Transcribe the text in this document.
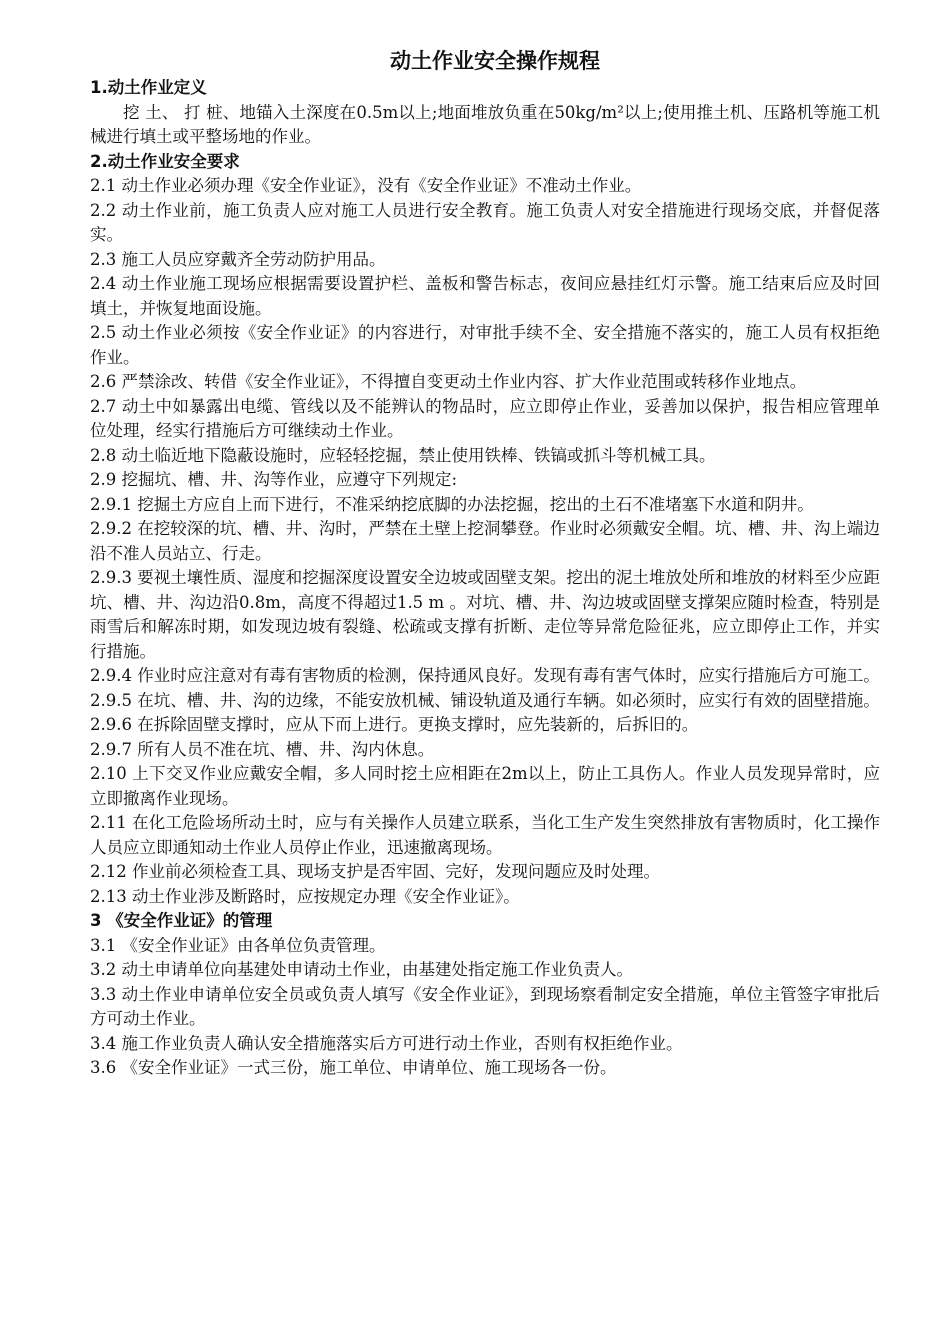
动土作业安全操作规程
1.动土作业定义

挖 土、 打 桩、地锚入土深度在0.5m以上;地面堆放负重在50kg/m²以上;使用推土机、压路机等施工机械进行填土或平整场地的作业。

2.动土作业安全要求

2.1 动土作业必须办理《安全作业证》，没有《安全作业证》不准动土作业。

2.2 动土作业前，施工负责人应对施工人员进行安全教育。施工负责人对安全措施进行现场交底，并督促落实。

2.3 施工人员应穿戴齐全劳动防护用品。

2.4 动土作业施工现场应根据需要设置护栏、盖板和警告标志，夜间应悬挂红灯示警。施工结束后应及时回填土，并恢复地面设施。

2.5 动土作业必须按《安全作业证》的内容进行，对审批手续不全、安全措施不落实的，施工人员有权拒绝作业。

2.6 严禁涂改、转借《安全作业证》，不得擅自变更动土作业内容、扩大作业范围或转移作业地点。

2.7 动土中如暴露出电缆、管线以及不能辨认的物品时，应立即停止作业，妥善加以保护，报告相应管理单位处理，经实行措施后方可继续动土作业。

2.8 动土临近地下隐蔽设施时，应轻轻挖掘，禁止使用铁棒、铁镐或抓斗等机械工具。

2.9 挖掘坑、槽、井、沟等作业，应遵守下列规定:

2.9.1 挖掘土方应自上而下进行，不准采纳挖底脚的办法挖掘，挖出的土石不准堵塞下水道和阴井。

2.9.2 在挖较深的坑、槽、井、沟时，严禁在土壁上挖洞攀登。作业时必须戴安全帽。坑、槽、井、沟上端边沿不准人员站立、行走。

2.9.3 要视土壤性质、湿度和挖掘深度设置安全边坡或固壁支架。挖出的泥土堆放处所和堆放的材料至少应距坑、槽、井、沟边沿0.8m，高度不得超过1.5 m 。对坑、槽、井、沟边坡或固壁支撑架应随时检查，特别是雨雪后和解冻时期，如发现边坡有裂缝、松疏或支撑有折断、走位等异常危险征兆，应立即停止工作，并实行措施。

2.9.4 作业时应注意对有毒有害物质的检测，保持通风良好。发现有毒有害气体时，应实行措施后方可施工。

2.9.5 在坑、槽、井、沟的边缘，不能安放机械、铺设轨道及通行车辆。如必须时，应实行有效的固壁措施。

2.9.6 在拆除固壁支撑时，应从下而上进行。更换支撑时，应先装新的，后拆旧的。

2.9.7 所有人员不准在坑、槽、井、沟内休息。

2.10 上下交叉作业应戴安全帽，多人同时挖土应相距在2m以上，防止工具伤人。作业人员发现异常时，应立即撤离作业现场。

2.11 在化工危险场所动土时，应与有关操作人员建立联系，当化工生产发生突然排放有害物质时，化工操作人员应立即通知动土作业人员停止作业，迅速撤离现场。

2.12 作业前必须检查工具、现场支护是否牢固、完好，发现问题应及时处理。

2.13 动土作业涉及断路时，应按规定办理《安全作业证》。

3 《安全作业证》的管理

3.1 《安全作业证》由各单位负责管理。

3.2 动土申请单位向基建处申请动土作业，由基建处指定施工作业负责人。

3.3 动土作业申请单位安全员或负责人填写《安全作业证》，到现场察看制定安全措施，单位主管签字审批后方可动土作业。

3.4 施工作业负责人确认安全措施落实后方可进行动土作业，否则有权拒绝作业。

3.6 《安全作业证》一式三份，施工单位、申请单位、施工现场各一份。
